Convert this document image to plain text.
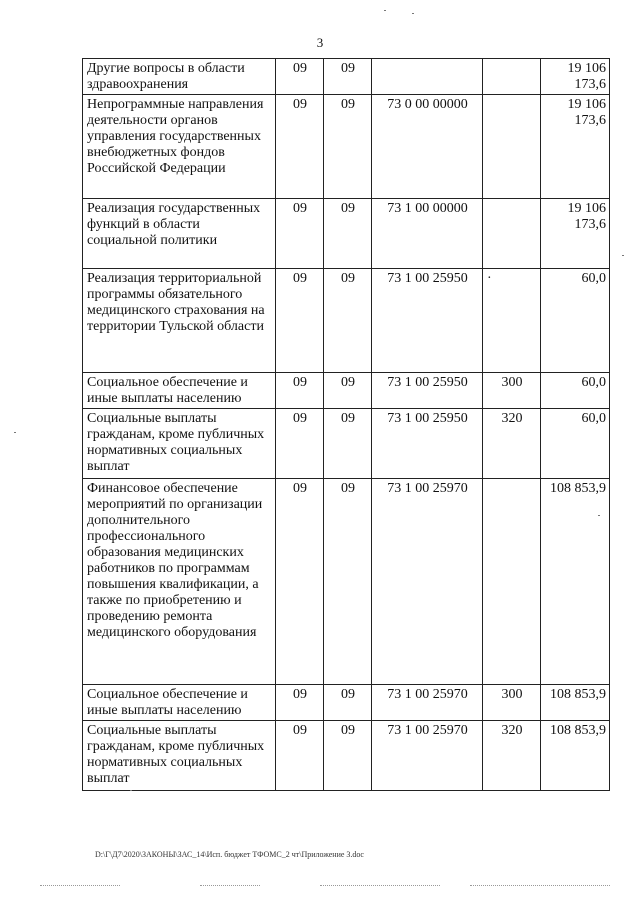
3
Другие вопросы в области здравоохранения	09	09			19 106 173,6
Непрограммные направления деятельности органов управления государственных внебюджетных фондов Российской Федерации	09	09	73 0 00 00000		19 106 173,6
Реализация государственных функций в области социальной политики	09	09	73 1 00 00000		19 106 173,6
Реализация территориальной программы обязательного медицинского страхования на территории Тульской области	09	09	73 1 00 25950	·	60,0
Социальное обеспечение и иные выплаты населению	09	09	73 1 00 25950	300	60,0
Социальные выплаты гражданам, кроме публичных нормативных социальных выплат	09	09	73 1 00 25950	320	60,0
Финансовое обеспечение мероприятий по организации дополнительного профессионального образования медицинских работников по программам повышения квалификации, а также по приобретению и проведению ремонта медицинского оборудования	09	09	73 1 00 25970		108 853,9
Социальное обеспечение и иные выплаты населению	09	09	73 1 00 25970	300	108 853,9
Социальные выплаты гражданам, кроме публичных нормативных социальных выплат	09	09	73 1 00 25970	320	108 853,9
D:\Г\Д7\2020\ЗАКОНЫ\ЗАС_14\Исп. бюджет ТФОМС_2 чт\Приложение 3.doc
